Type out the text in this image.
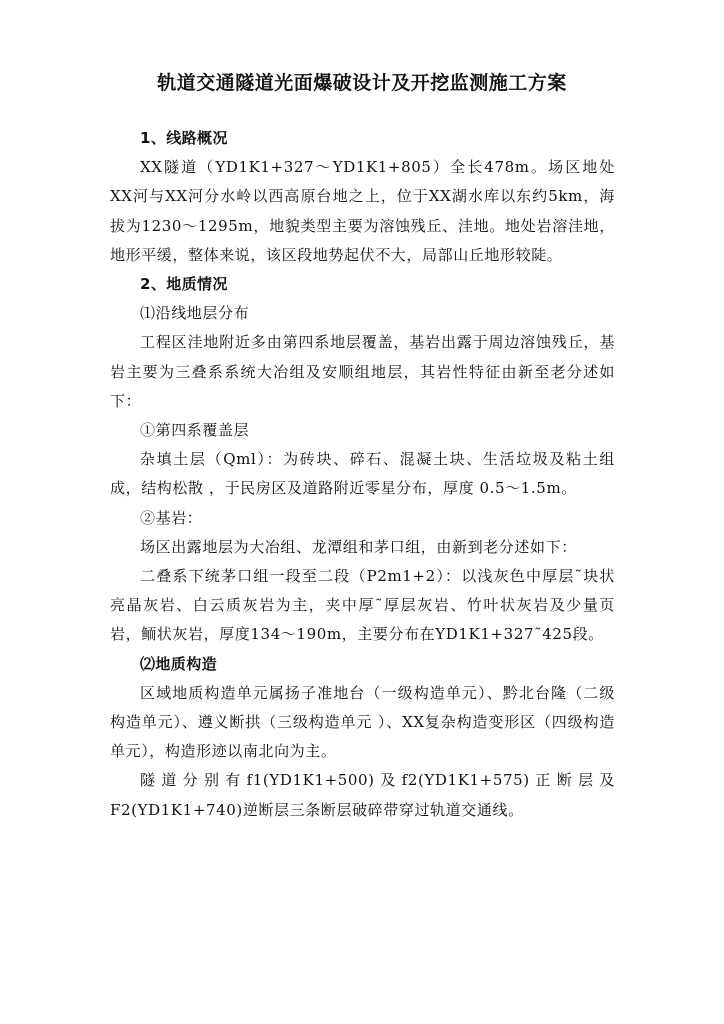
轨道交通隧道光面爆破设计及开挖监测施工方案

1、线路概况

XX隧道（YD1K1+327～YD1K1+805）全长478m。场区地处XX河与XX河分水岭以西高原台地之上，位于XX湖水库以东约5km，海拔为1230～1295m，地貌类型主要为溶蚀残丘、洼地。地处岩溶洼地，地形平缓，整体来说，该区段地势起伏不大，局部山丘地形较陡。

2、地质情况

⑴沿线地层分布

工程区洼地附近多由第四系地层覆盖，基岩出露于周边溶蚀残丘，基岩主要为三叠系系统大冶组及安顺组地层，其岩性特征由新至老分述如下：

①第四系覆盖层

杂填土层（Qml）：为砖块、碎石、混凝土块、生活垃圾及粘土组成，结构松散 ，于民房区及道路附近零星分布，厚度 0.5～1.5m。

②基岩：

场区出露地层为大冶组、龙潭组和茅口组，由新到老分述如下：

二叠系下统茅口组一段至二段（P2m1+2）：以浅灰色中厚层˜块状亮晶灰岩、白云质灰岩为主，夹中厚˜厚层灰岩、竹叶状灰岩及少量页岩，鲕状灰岩，厚度134～190m，主要分布在YD1K1+327˜425段。

⑵地质构造

区域地质构造单元属扬子准地台（一级构造单元）、黔北台隆（二级构造单元）、遵义断拱（三级构造单元 ）、XX复杂构造变形区（四级构造单元），构造形迹以南北向为主。

隧道分别有f1(YD1K1+500)及f2(YD1K1+575)正断层及F2(YD1K1+740)逆断层三条断层破碎带穿过轨道交通线。
